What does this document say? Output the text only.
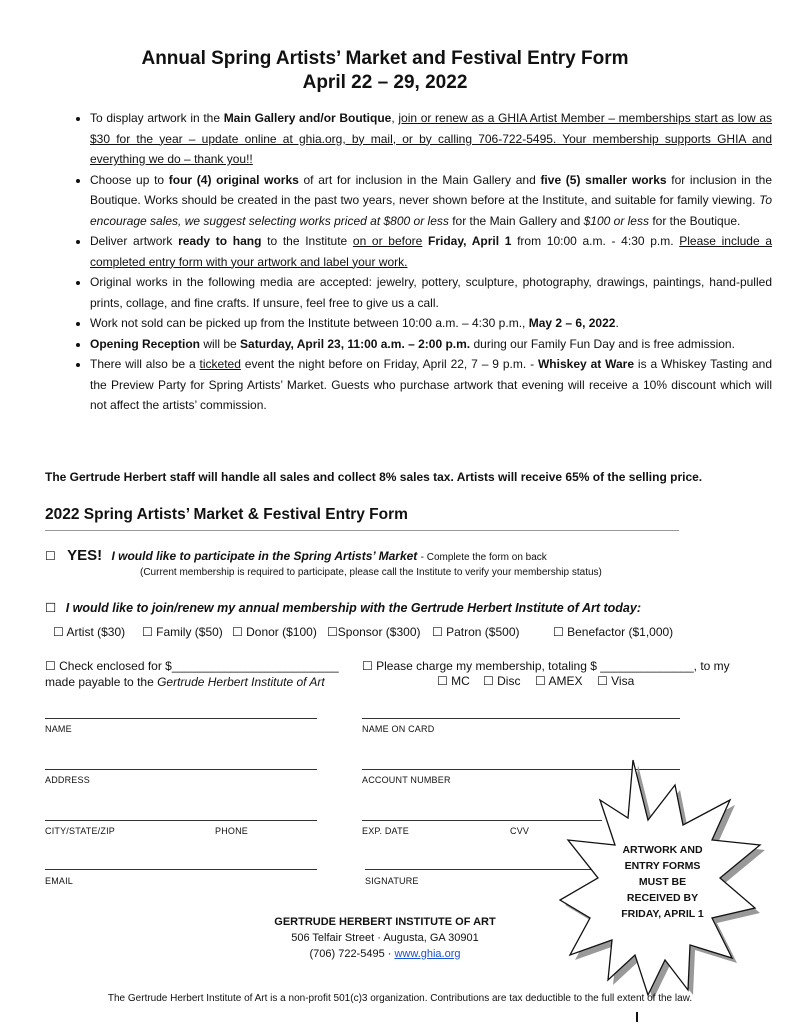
Annual Spring Artists’ Market and Festival Entry Form
April 22 – 29, 2022
• To display artwork in the Main Gallery and/or Boutique, join or renew as a GHIA Artist Member – memberships start as low as $30 for the year – update online at ghia.org, by mail, or by calling 706-722-5495. Your membership supports GHIA and everything we do – thank you!!
• Choose up to four (4) original works of art for inclusion in the Main Gallery and five (5) smaller works for inclusion in the Boutique. Works should be created in the past two years, never shown before at the Institute, and suitable for family viewing. To encourage sales, we suggest selecting works priced at $800 or less for the Main Gallery and $100 or less for the Boutique.
• Deliver artwork ready to hang to the Institute on or before Friday, April 1 from 10:00 a.m. - 4:30 p.m. Please include a completed entry form with your artwork and label your work.
• Original works in the following media are accepted: jewelry, pottery, sculpture, photography, drawings, paintings, hand-pulled prints, collage, and fine crafts. If unsure, feel free to give us a call.
• Work not sold can be picked up from the Institute between 10:00 a.m. – 4:30 p.m., May 2 – 6, 2022.
• Opening Reception will be Saturday, April 23, 11:00 a.m. – 2:00 p.m. during our Family Fun Day and is free admission.
• There will also be a ticketed event the night before on Friday, April 22, 7 – 9 p.m. - Whiskey at Ware is a Whiskey Tasting and the Preview Party for Spring Artists’ Market. Guests who purchase artwork that evening will receive a 10% discount which will not affect the artists’ commission.
The Gertrude Herbert staff will handle all sales and collect 8% sales tax. Artists will receive 65% of the selling price.
2022 Spring Artists’ Market & Festival Entry Form
☐ YES! I would like to participate in the Spring Artists’ Market - Complete the form on back
(Current membership is required to participate, please call the Institute to verify your membership status)
☐ I would like to join/renew my annual membership with the Gertrude Herbert Institute of Art today:
☐ Artist ($30) ☐ Family ($50) ☐ Donor ($100) ☐Sponsor ($300) ☐ Patron ($500)	☐ Benefactor ($1,000)
☐ Check enclosed for $_________________________
made payable to the Gertrude Herbert Institute of Art
☐ Please charge my membership, totaling $ ______________, to my
☐ MC ☐ Disc ☐ AMEX ☐ Visa
NAME	NAME ON CARD
ADDRESS	ACCOUNT NUMBER
CITY/STATE/ZIP	PHONE	EXP. DATE	CVV
EMAIL	SIGNATURE
ARTWORK AND
ENTRY FORMS
MUST BE
RECEIVED BY
FRIDAY, APRIL 1
GERTRUDE HERBERT INSTITUTE OF ART
506 Telfair Street · Augusta, GA 30901
(706) 722-5495 · www.ghia.org
The Gertrude Herbert Institute of Art is a non-profit 501(c)3 organization. Contributions are tax deductible to the full extent of the law.
